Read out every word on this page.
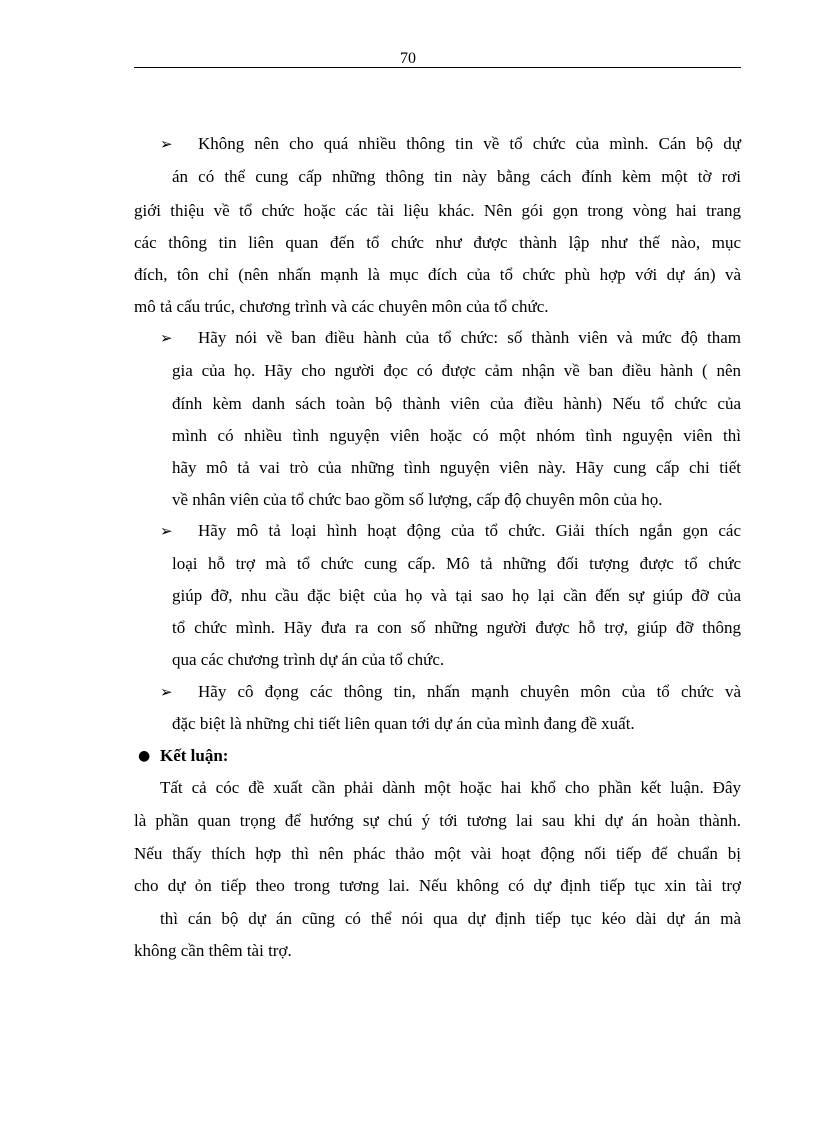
70
➢ Không nên cho quá nhiều thông tin về tổ chức của mình. Cán bộ dự
án có thể cung cấp những thông tin này bằng cách đính kèm một tờ rơi
giới thiệu về tổ chức hoặc các tài liệu khác. Nên gói gọn trong vòng hai trang
các thông tin liên quan đến tổ chức như được thành lập như thế nào, mục
đích, tôn chỉ (nên nhấn mạnh là mục đích của tổ chức phù hợp với dự án) và
mô tả cấu trúc, chương trình và các chuyên môn của tổ chức.
➢ Hãy nói về ban điều hành của tổ chức: số thành viên và mức độ tham
gia của họ. Hãy cho người đọc có được cảm nhận về ban điều hành ( nên
đính kèm danh sách toàn bộ thành viên của điều hành) Nếu tổ chức của
mình có nhiều tình nguyện viên hoặc có một nhóm tình nguyện viên thì
hãy mô tả vai trò của những tình nguyện viên này. Hãy cung cấp chi tiết
về nhân viên của tổ chức bao gồm số lượng, cấp độ chuyên môn của họ.
➢ Hãy mô tả loại hình hoạt động của tổ chức. Giải thích ngắn gọn các
loại hỗ trợ mà tổ chức cung cấp. Mô tả những đối tượng được tổ chức
giúp đỡ, nhu cầu đặc biệt của họ và tại sao họ lại cần đến sự giúp đỡ của
tổ chức mình. Hãy đưa ra con số những người được hỗ trợ, giúp đỡ thông
qua các chương trình dự án của tổ chức.
➢ Hãy cô đọng các thông tin, nhấn mạnh chuyên môn của tổ chức và
đặc biệt là những chi tiết liên quan tới dự án của mình đang đề xuất.
● Kết luận:
Tất cả cóc đề xuất cần phải dành một hoặc hai khổ cho phần kết luận. Đây
là phần quan trọng để hướng sự chú ý tới tương lai sau khi dự án hoàn thành.
Nếu thấy thích hợp thì nên phác thảo một vài hoạt động nối tiếp để chuẩn bị
cho dự ỏn tiếp theo trong tương lai. Nếu không có dự định tiếp tục xin tài trợ
thì cán bộ dự án cũng có thể nói qua dự định tiếp tục kéo dài dự án mà
không cần thêm tài trợ.
